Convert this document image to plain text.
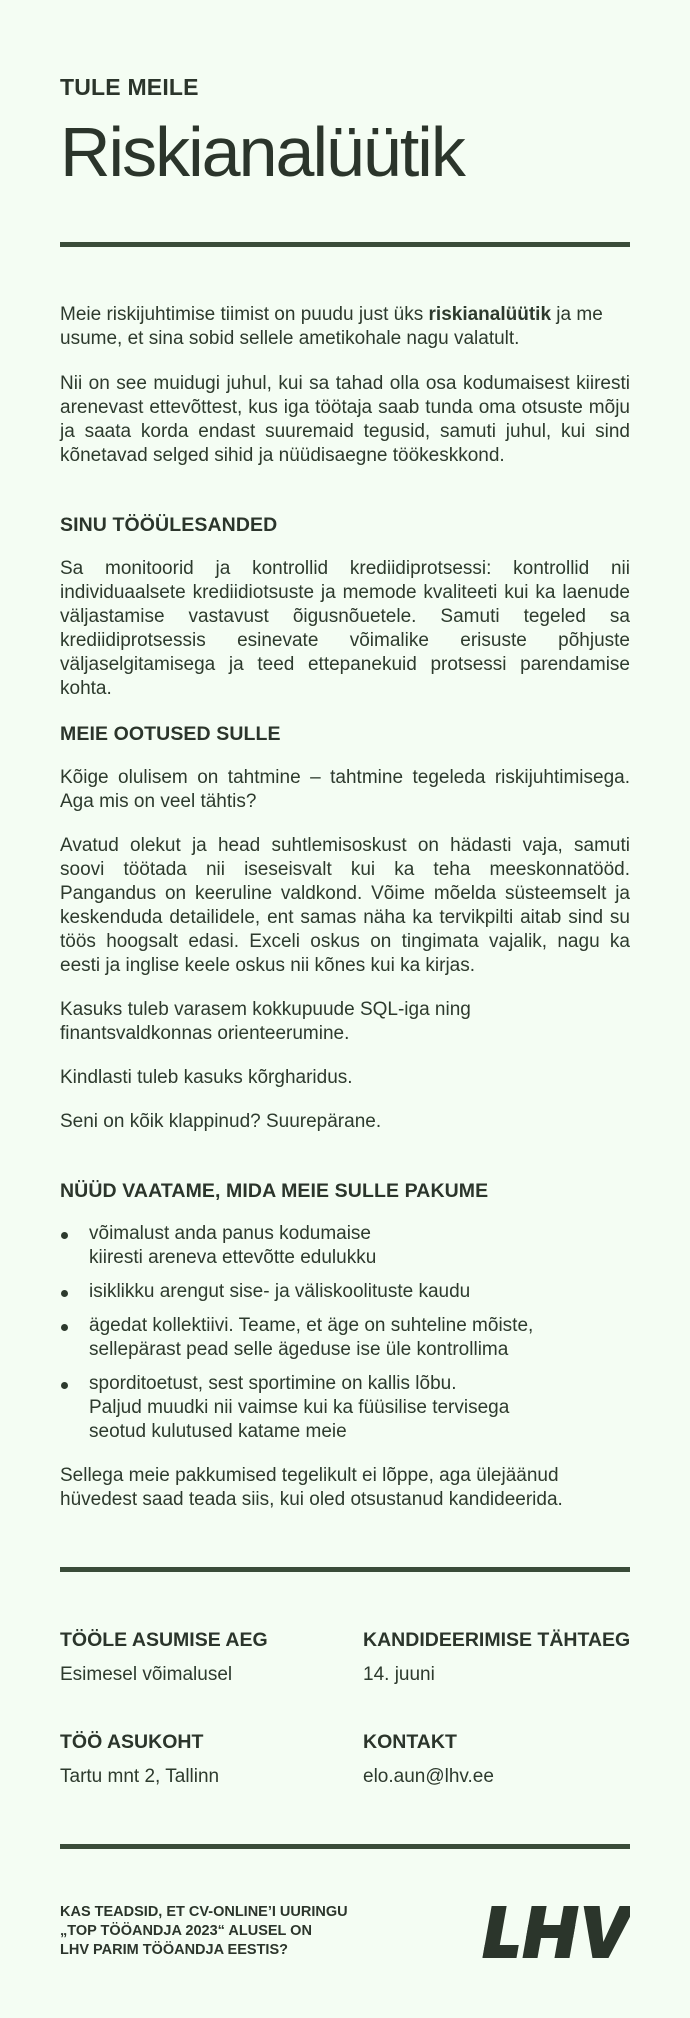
TULE MEILE
Riskianalüütik

Meie riskijuhtimise tiimist on puudu just üks riskianalüütik ja me usume, et sina sobid sellele ametikohale nagu valatult.

Nii on see muidugi juhul, kui sa tahad olla osa kodumaisest kiiresti arenevast ettevõttest, kus iga töötaja saab tunda oma otsuste mõju ja saata korda endast suuremaid tegusid, samuti juhul, kui sind kõnetavad selged sihid ja nüüdisaegne töökeskkond.

SINU TÖÖÜLESANDED

Sa monitoorid ja kontrollid krediidiprotsessi: kontrollid nii individuaalsete krediidiotsuste ja memode kvaliteeti kui ka laenude väljastamise vastavust õigusnõuetele. Samuti tegeled sa krediidiprotsessis esinevate võimalike erisuste põhjuste väljaselgitamisega ja teed ettepanekuid protsessi parendamise kohta.

MEIE OOTUSED SULLE

Kõige olulisem on tahtmine – tahtmine tegeleda riskijuhtimisega. Aga mis on veel tähtis?

Avatud olekut ja head suhtlemisoskust on hädasti vaja, samuti soovi töötada nii iseseisvalt kui ka teha meeskonnatööd. Pangandus on keeruline valdkond. Võime mõelda süsteemselt ja keskenduda detailidele, ent samas näha ka tervikpilti aitab sind su töös hoogsalt edasi. Exceli oskus on tingimata vajalik, nagu ka eesti ja inglise keele oskus nii kõnes kui ka kirjas.

Kasuks tuleb varasem kokkupuude SQL-iga ning finantsvaldkonnas orienteerumine.

Kindlasti tuleb kasuks kõrgharidus.

Seni on kõik klappinud? Suurepärane.

NÜÜD VAATAME, MIDA MEIE SULLE PAKUME
võimalust anda panus kodumaise
kiiresti areneva ettevõtte edulukku
isiklikku arengut sise- ja väliskoolituste kaudu
ägedat kollektiivi. Teame, et äge on suhteline mõiste,
sellepärast pead selle ägeduse ise üle kontrollima
sporditoetust, sest sportimine on kallis lõbu.
Paljud muudki nii vaimse kui ka füüsilise tervisega
seotud kulutused katame meie

Sellega meie pakkumised tegelikult ei lõppe, aga ülejäänud hüvedest saad teada siis, kui oled otsustanud kandideerida.

TÖÖLE ASUMISE AEG
Esimesel võimalusel
KANDIDEERIMISE TÄHTAEG
14. juuni
TÖÖ ASUKOHT
Tartu mnt 2, Tallinn
KONTAKT
elo.aun@lhv.ee
KAS TEADSID, ET CV-ONLINE’I UURINGU
„TOP TÖÖANDJA 2023“ ALUSEL ON
LHV PARIM TÖÖANDJA EESTIS?
